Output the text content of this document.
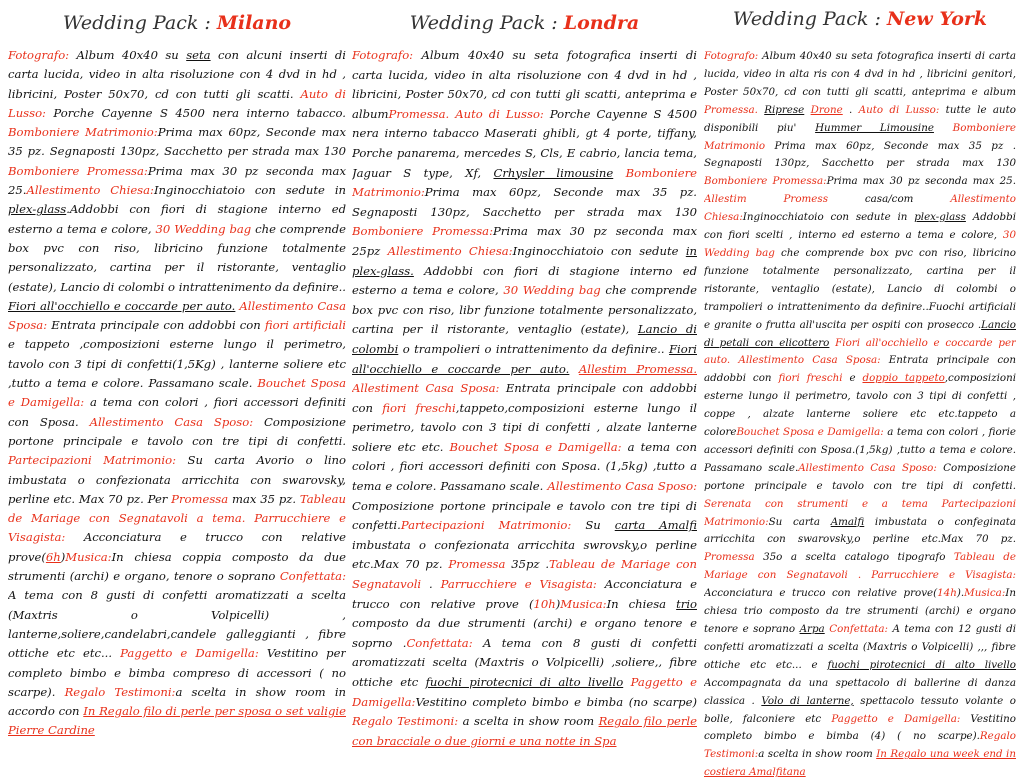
Wedding Pack : Milano
Fotografo: Album 40x40 su seta con alcuni inserti di carta lucida, video in alta risoluzione con 4 dvd in hd , libricini, Poster 50x70, cd con tutti gli scatti. Auto di Lusso: Porche Cayenne S 4500 nera interno tabacco. Bomboniere Matrimonio:Prima max 60pz, Seconde max 35 pz. Segnaposti 130pz, Sacchetto per strada max 130 Bomboniere Promessa:Prima max 30 pz seconda max 25.Allestimento Chiesa:Inginocchiatoio con sedute in plex-glass.Addobbi con fiori di stagione interno ed esterno a tema e colore, 30 Wedding bag che comprende box pvc con riso, libricino funzione totalmente personalizzato, cartina per il ristorante, ventaglio (estate), Lancio di colombi o intrattenimento da definire.. Fiori all'occhiello e coccarde per auto. Allestimento Casa Sposa: Entrata principale con addobbi con fiori artificiali e tappeto ,composizioni esterne lungo il perimetro, tavolo con 3 tipi di confetti(1,5Kg) , lanterne soliere etc ,tutto a tema e colore. Passamano scale. Bouchet Sposa e Damigella: a tema con colori , fiori accessori definiti con Sposa. Allestimento Casa Sposo: Composizione portone principale e tavolo con tre tipi di confetti. Partecipazioni Matrimonio: Su carta Avorio o lino imbustata o confezionata arricchita con swarovsky, perline etc. Max 70 pz. Per Promessa max 35 pz. Tableau de Mariage con Segnatavoli a tema. Parrucchiere e Visagista: Acconciatura e trucco con relative prove(6h)Musica:In chiesa coppia composto da due strumenti (archi) e organo, tenore o soprano Confettata: A tema con 8 gusti di confetti aromatizzati a scelta (Maxtris o Volpicelli) , lanterne,soliere,candelabri,candele galleggianti , fibre ottiche etc etc... Paggetto e Damigella: Vestitino per completo bimbo e bimba compreso di accessori ( no scarpe). Regalo Testimoni:a scelta in show room in accordo con In Regalo filo di perle per sposa o set valigie Pierre Cardine
Wedding Pack : Londra
Fotografo: Album 40x40 su seta fotografica inserti di carta lucida, video in alta risoluzione con 4 dvd in hd , libricini, Poster 50x70, cd con tutti gli scatti, anteprima e albumPromessa. Auto di Lusso: Porche Cayenne S 4500 nera interno tabacco Maserati ghibli, gt 4 porte, tiffany, Porche panarema, mercedes S, Cls, E cabrio, lancia tema, Jaguar S type, Xf, Crhysler limousine Bomboniere Matrimonio:Prima max 60pz, Seconde max 35 pz. Segnaposti 130pz, Sacchetto per strada max 130 Bomboniere Promessa:Prima max 30 pz seconda max 25pz Allestimento Chiesa:Inginocchiatoio con sedute in plex-glass. Addobbi con fiori di stagione interno ed esterno a tema e colore, 30 Wedding bag che comprende box pvc con riso, libr funzione totalmente personalizzato, cartina per il ristorante, ventaglio (estate), Lancio di colombi o trampolieri o intrattenimento da definire.. Fiori all'occhiello e coccarde per auto. Allestim Promessa. Allestiment Casa Sposa: Entrata principale con addobbi con fiori freschi,tappeto,composizioni esterne lungo il perimetro, tavolo con 3 tipi di confetti , alzate lanterne soliere etc etc. Bouchet Sposa e Damigella: a tema con colori , fiori accessori definiti con Sposa. (1,5kg) ,tutto a tema e colore. Passamano scale. Allestimento Casa Sposo: Composizione portone principale e tavolo con tre tipi di confetti.Partecipazioni Matrimonio: Su carta Amalfi imbustata o confezionata arricchita swrovsky,o perline etc.Max 70 pz. Promessa 35pz .Tableau de Mariage con Segnatavoli . Parrucchiere e Visagista: Acconciatura e trucco con relative prove (10h)Musica:In chiesa trio composto da due strumenti (archi) e organo tenore e soprno .Confettata: A tema con 8 gusti di confetti aromatizzati scelta (Maxtris o Volpicelli) ,soliere,, fibre ottiche etc fuochi pirotecnici di alto livello Paggetto e Damigella:Vestitino completo bimbo e bimba (no scarpe) Regalo Testimoni: a scelta in show room Regalo filo perle con bracciale o due giorni e una notte in Spa
Wedding Pack : New York
Fotografo: Album 40x40 su seta fotografica inserti di carta lucida, video in alta ris con 4 dvd in hd , libricini genitori, Poster 50x70, cd con tutti gli scatti, anteprima e album Promessa. Riprese Drone . Auto di Lusso: tutte le auto disponibili piu' Hummer Limousine Bomboniere Matrimonio Prima max 60pz, Seconde max 35 pz . Segnaposti 130pz, Sacchetto per strada max 130 Bomboniere Promessa:Prima max 30 pz seconda max 25. Allestim Promess casa/com Allestimento Chiesa:Inginocchiatoio con sedute in plex-glass Addobbi con fiori scelti , interno ed esterno a tema e colore, 30 Wedding bag che comprende box pvc con riso, libricino funzione totalmente personalizzato, cartina per il ristorante, ventaglio (estate), Lancio di colombi o trampolieri o intrattenimento da definire..Fuochi artificiali e granite o frutta all'uscita per ospiti con prosecco .Lancio di petali con elicottero Fiori all'occhiello e coccarde per auto. Allestimento Casa Sposa: Entrata principale con addobbi con fiori freschi e doppio tappeto,composizioni esterne lungo il perimetro, tavolo con 3 tipi di confetti , coppe , alzate lanterne soliere etc etc.tappeto a coloreBouchet Sposa e Damigella: a tema con colori , fiorie accessori definiti con Sposa.(1,5kg) ,tutto a tema e colore. Passamano scale.Allestimento Casa Sposo: Composizione portone principale e tavolo con tre tipi di confetti. Serenata con strumenti e a tema Partecipazioni Matrimonio:Su carta Amalfi imbustata o confeginata arricchita con swarovsky,o perline etc.Max 70 pz. Promessa 35o a scelta catalogo tipografo Tableau de Mariage con Segnatavoli . Parrucchiere e Visagista: Acconciatura e trucco con relative prove(14h).Musica:In chiesa trio composto da tre strumenti (archi) e organo tenore e soprano Arpa Confettata: A tema con 12 gusti di confetti aromatizzati a scelta (Maxtris o Volpicelli) ,,, fibre ottiche etc etc... e fuochi pirotecnici di alto livello Accompagnata da una spettacolo di ballerine di danza classica . Volo di lanterne, spettacolo tessuto volante o bolle, falconiere etc Paggetto e Damigella: Vestitino completo bimbo e bimba (4) ( no scarpe).Regalo Testimoni:a scelta in show room In Regalo una week end in costiera Amalfitana
